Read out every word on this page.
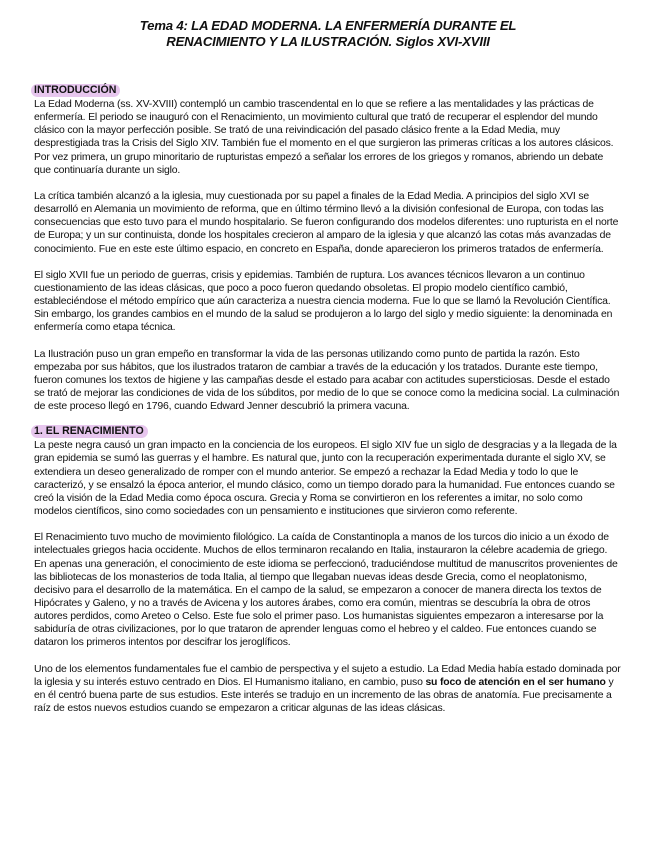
Tema 4: LA EDAD MODERNA. LA ENFERMERÍA DURANTE EL
RENACIMIENTO Y LA ILUSTRACIÓN. Siglos XVI-XVIII
INTRODUCCIÓN

La Edad Moderna (ss. XV-XVIII) contempló un cambio trascendental en lo que se refiere a las mentalidades y las prácticas de enfermería. El periodo se inauguró con el Renacimiento, un movimiento cultural que trató de recuperar el esplendor del mundo clásico con la mayor perfección posible. Se trató de una reivindicación del pasado clásico frente a la Edad Media, muy desprestigiada tras la Crisis del Siglo XIV. También fue el momento en el que surgieron las primeras críticas a los autores clásicos. Por vez primera, un grupo minoritario de rupturistas empezó a señalar los errores de los griegos y romanos, abriendo un debate que continuaría durante un siglo.

La crítica también alcanzó a la iglesia, muy cuestionada por su papel a finales de la Edad Media. A principios del siglo XVI se desarrolló en Alemania un movimiento de reforma, que en último término llevó a la división confesional de Europa, con todas las consecuencias que esto tuvo para el mundo hospitalario. Se fueron configurando dos modelos diferentes: uno rupturista en el norte de Europa; y un sur continuista, donde los hospitales crecieron al amparo de la iglesia y que alcanzó las cotas más avanzadas de conocimiento. Fue en este este último espacio, en concreto en España, donde aparecieron los primeros tratados de enfermería.

El siglo XVII fue un periodo de guerras, crisis y epidemias. También de ruptura. Los avances técnicos llevaron a un continuo cuestionamiento de las ideas clásicas, que poco a poco fueron quedando obsoletas. El propio modelo científico cambió, estableciéndose el método empírico que aún caracteriza a nuestra ciencia moderna. Fue lo que se llamó la Revolución Científica. Sin embargo, los grandes cambios en el mundo de la salud se produjeron a lo largo del siglo y medio siguiente: la denominada en enfermería como etapa técnica.

La Ilustración puso un gran empeño en transformar la vida de las personas utilizando como punto de partida la razón. Esto empezaba por sus hábitos, que los ilustrados trataron de cambiar a través de la educación y los tratados. Durante este tiempo, fueron comunes los textos de higiene y las campañas desde el estado para acabar con actitudes supersticiosas. Desde el estado se trató de mejorar las condiciones de vida de los súbditos, por medio de lo que se conoce como la medicina social. La culminación de este proceso llegó en 1796, cuando Edward Jenner descubrió la primera vacuna.

1. EL RENACIMIENTO

La peste negra causó un gran impacto en la conciencia de los europeos. El siglo XIV fue un siglo de desgracias y a la llegada de la gran epidemia se sumó las guerras y el hambre. Es natural que, junto con la recuperación experimentada durante el siglo XV, se extendiera un deseo generalizado de romper con el mundo anterior. Se empezó a rechazar la Edad Media y todo lo que le caracterizó, y se ensalzó la época anterior, el mundo clásico, como un tiempo dorado para la humanidad. Fue entonces cuando se creó la visión de la Edad Media como época oscura. Grecia y Roma se convirtieron en los referentes a imitar, no solo como modelos científicos, sino como sociedades con un pensamiento e instituciones que sirvieron como referente.

El Renacimiento tuvo mucho de movimiento filológico. La caída de Constantinopla a manos de los turcos dio inicio a un éxodo de intelectuales griegos hacia occidente. Muchos de ellos terminaron recalando en Italia, instauraron la célebre academia de griego. En apenas una generación, el conocimiento de este idioma se perfeccionó, traduciéndose multitud de manuscritos provenientes de las bibliotecas de los monasterios de toda Italia, al tiempo que llegaban nuevas ideas desde Grecia, como el neoplatonismo, decisivo para el desarrollo de la matemática. En el campo de la salud, se empezaron a conocer de manera directa los textos de Hipócrates y Galeno, y no a través de Avicena y los autores árabes, como era común, mientras se descubría la obra de otros autores perdidos, como Areteo o Celso. Este fue solo el primer paso. Los humanistas siguientes empezaron a interesarse por la sabiduría de otras civilizaciones, por lo que trataron de aprender lenguas como el hebreo y el caldeo. Fue entonces cuando se dataron los primeros intentos por descifrar los jeroglíficos.

Uno de los elementos fundamentales fue el cambio de perspectiva y el sujeto a estudio. La Edad Media había estado dominada por la iglesia y su interés estuvo centrado en Dios. El Humanismo italiano, en cambio, puso su foco de atención en el ser humano y en él centró buena parte de sus estudios. Este interés se tradujo en un incremento de las obras de anatomía. Fue precisamente a raíz de estos nuevos estudios cuando se empezaron a criticar algunas de las ideas clásicas.
